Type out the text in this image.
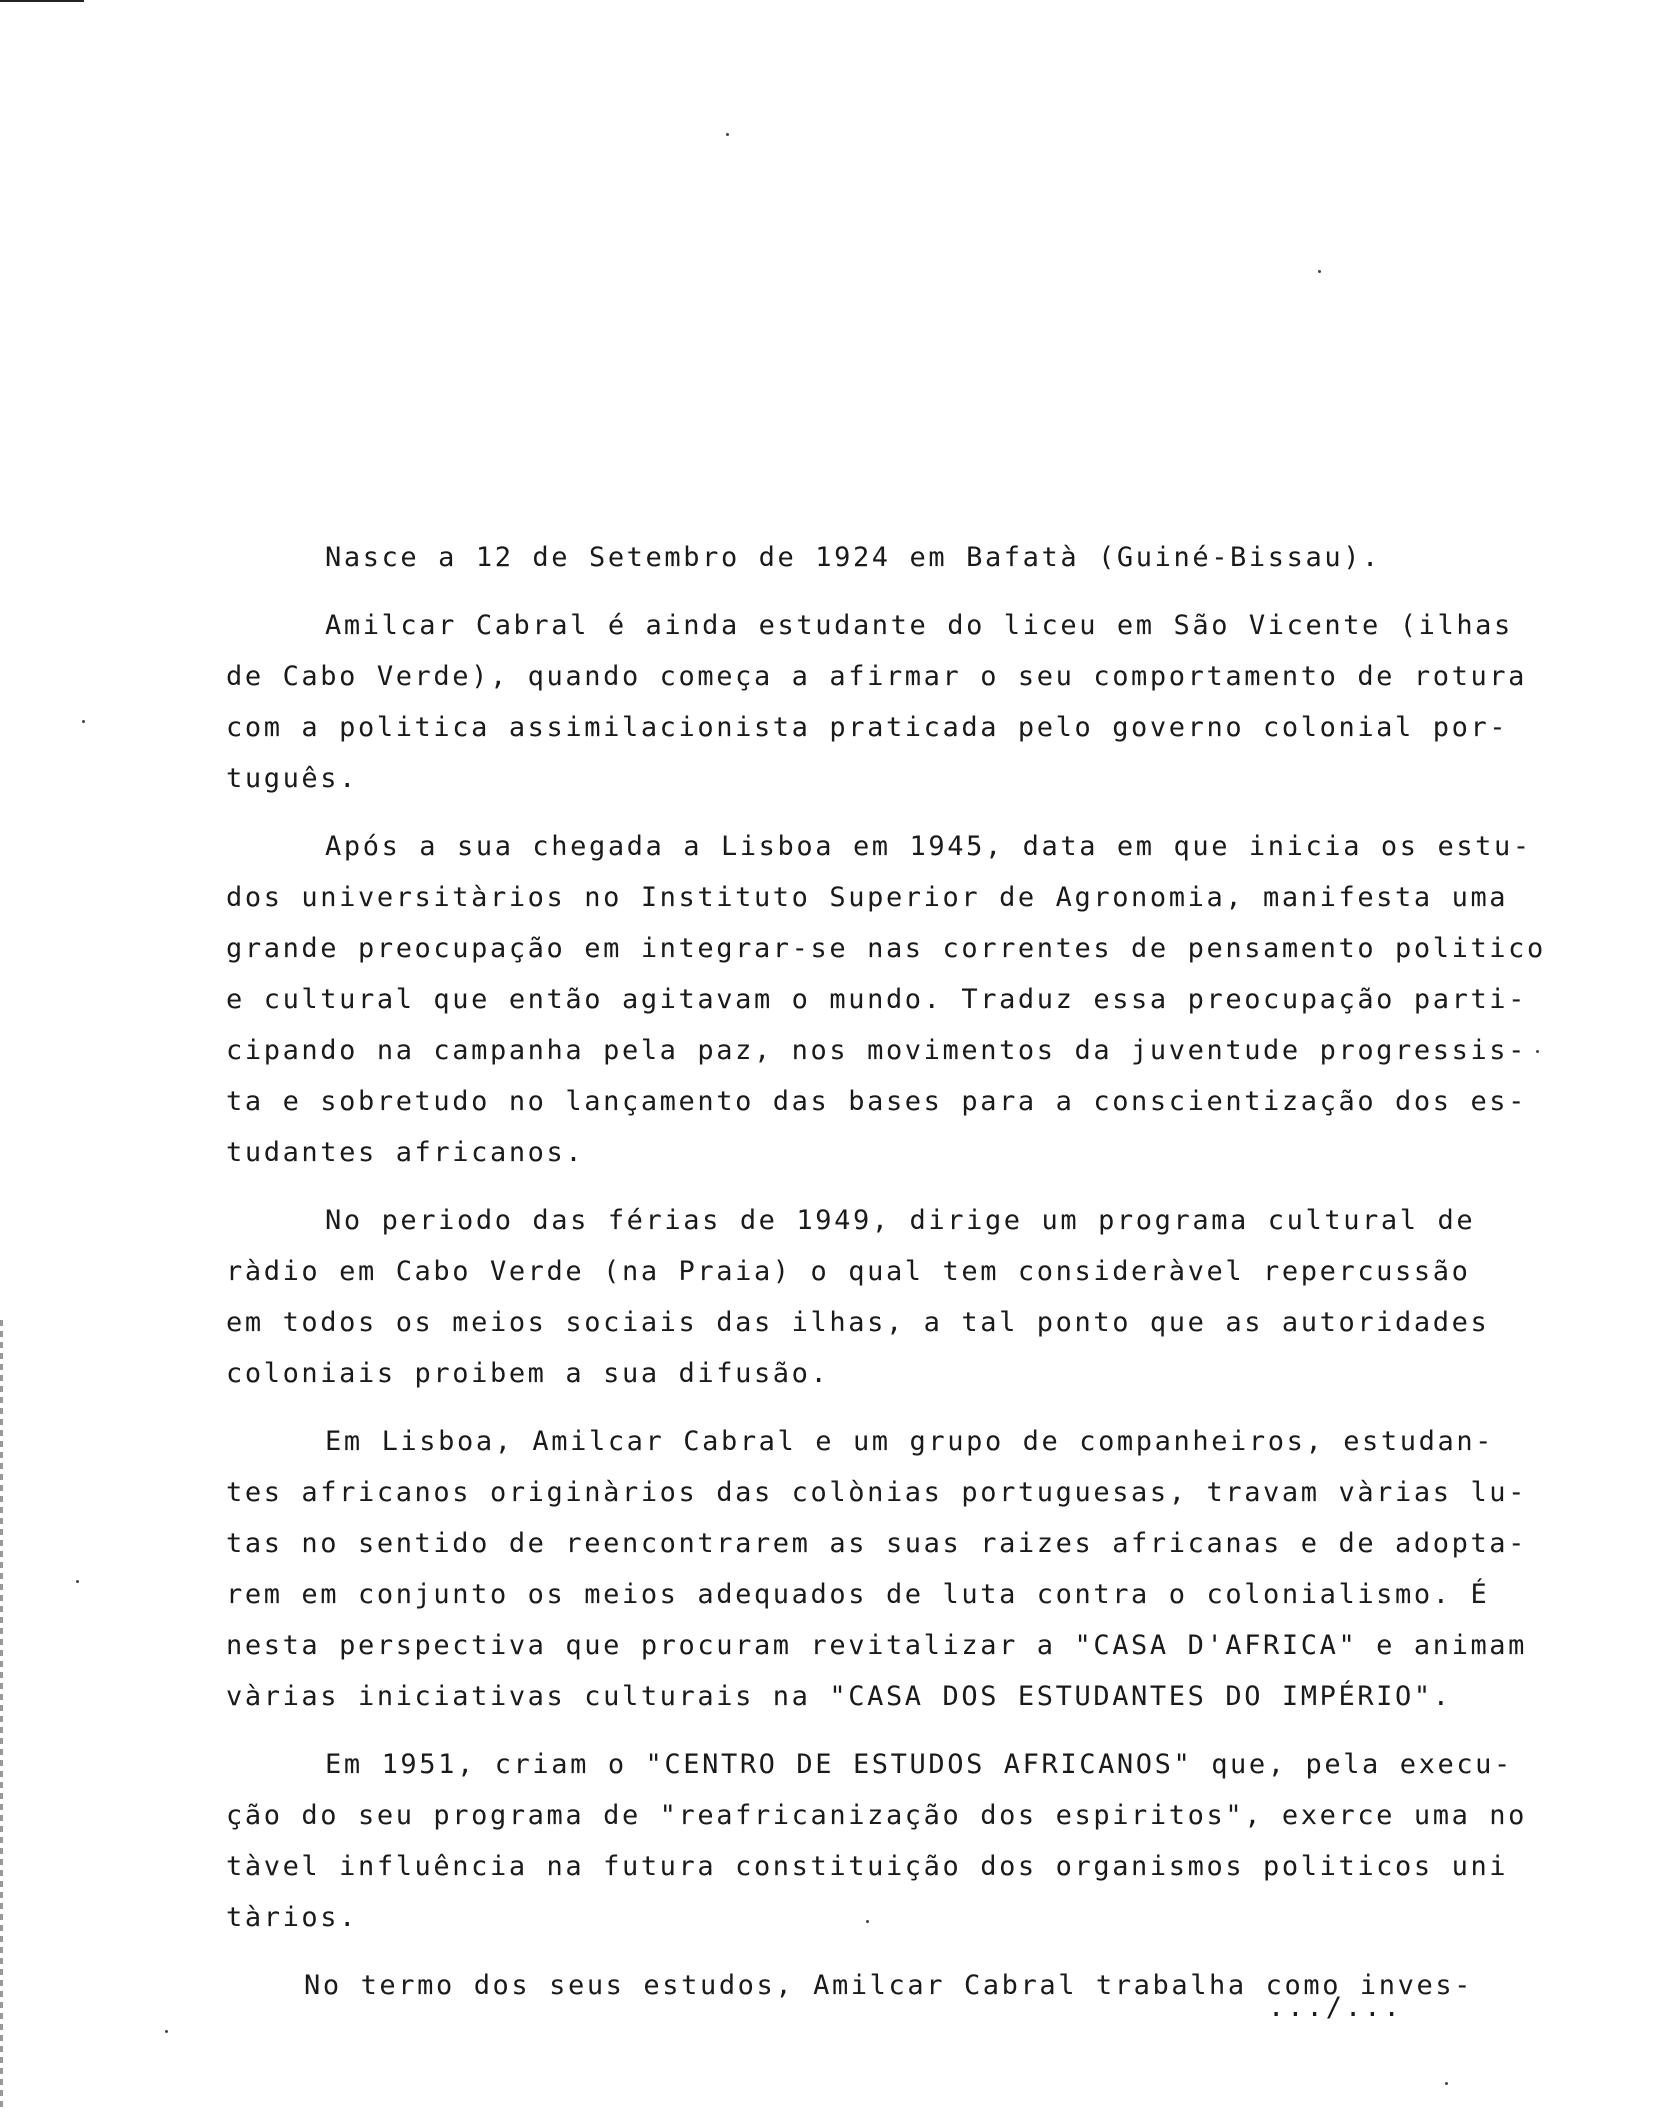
Nasce a 12 de Setembro de 1924 em Bafatà (Guiné-Bissau).

Amilcar Cabral é ainda estudante do liceu em São Vicente (ilhas
de Cabo Verde), quando começa a afirmar o seu comportamento de rotura
com a politica assimilacionista praticada pelo governo colonial por-
tuguês.

Após a sua chegada a Lisboa em 1945, data em que inicia os estu-
dos universitàrios no Instituto Superior de Agronomia, manifesta uma
grande preocupação em integrar-se nas correntes de pensamento politico
e cultural que então agitavam o mundo. Traduz essa preocupação parti-
cipando na campanha pela paz, nos movimentos da juventude progressis-
ta e sobretudo no lançamento das bases para a conscientização dos es-
tudantes africanos.

No periodo das férias de 1949, dirige um programa cultural de
ràdio em Cabo Verde (na Praia) o qual tem consideràvel repercussão
em todos os meios sociais das ilhas, a tal ponto que as autoridades
coloniais proibem a sua difusão.

Em Lisboa, Amilcar Cabral e um grupo de companheiros, estudan-
tes africanos originàrios das colònias portuguesas, travam vàrias lu-
tas no sentido de reencontrarem as suas raizes africanas e de adopta-
rem em conjunto os meios adequados de luta contra o colonialismo. É
nesta perspectiva que procuram revitalizar a "CASA D'AFRICA" e animam
vàrias iniciativas culturais na "CASA DOS ESTUDANTES DO IMPÉRIO".

Em 1951, criam o "CENTRO DE ESTUDOS AFRICANOS" que, pela execu-
ção do seu programa de "reafricanização dos espiritos", exerce uma no
tàvel influência na futura constituição dos organismos politicos uni
tàrios.

No termo dos seus estudos, Amilcar Cabral trabalha como inves-

.../...
